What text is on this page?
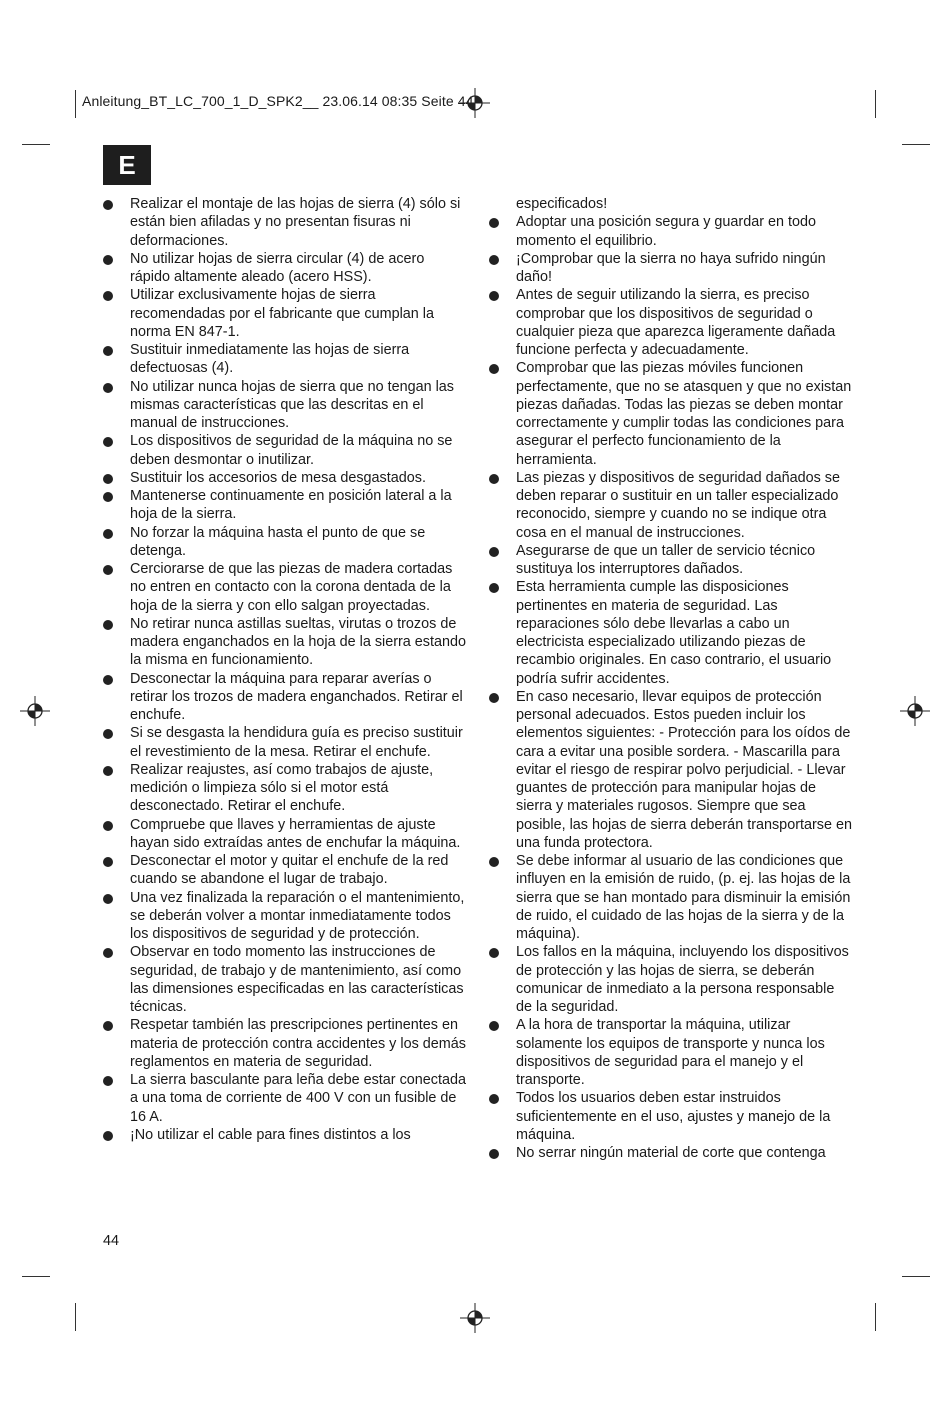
Anleitung_BT_LC_700_1_D_SPK2__ 23.06.14 08:35 Seite 44
E
Realizar el montaje de las hojas de sierra (4) sólo si están bien afiladas y no presentan fisuras ni deformaciones.
No utilizar hojas de sierra circular (4) de acero rápido altamente aleado (acero HSS).
Utilizar exclusivamente hojas de sierra recomendadas por el fabricante que cumplan la norma EN 847-1.
Sustituir inmediatamente las hojas de sierra defectuosas (4).
No utilizar nunca hojas de sierra que no tengan las mismas características que las descritas en el manual de instrucciones.
Los dispositivos de seguridad de la máquina no se deben desmontar o inutilizar.
Sustituir los accesorios de mesa desgastados.
Mantenerse continuamente en posición lateral a la hoja de la sierra.
No forzar la máquina hasta el punto de que se detenga.
Cerciorarse de que las piezas de madera cortadas no entren en contacto con la corona dentada de la hoja de la sierra y con ello salgan proyectadas.
No retirar nunca astillas sueltas, virutas o trozos de madera enganchados en la hoja de la sierra estando la misma en funcionamiento.
Desconectar la máquina para reparar averías o retirar los trozos de madera enganchados. Retirar el enchufe.
Si se desgasta la hendidura guía es preciso sustituir el revestimiento de la mesa. Retirar el enchufe.
Realizar reajustes, así como trabajos de ajuste, medición o limpieza sólo si el motor está desconectado. Retirar el enchufe.
Compruebe que llaves y herramientas de ajuste hayan sido extraídas antes de enchufar la máquina.
Desconectar el motor y quitar el enchufe de la red cuando se abandone el lugar de trabajo.
Una vez finalizada la reparación o el mantenimiento, se deberán volver a montar inmediatamente todos los dispositivos de seguridad y de protección.
Observar en todo momento las instrucciones de seguridad, de trabajo y de mantenimiento, así como las dimensiones especificadas en las características técnicas.
Respetar también las prescripciones pertinentes en materia de protección contra accidentes y los demás reglamentos en materia de seguridad.
La sierra basculante para leña debe estar conectada a una toma de corriente de 400 V con un fusible de 16 A.
¡No utilizar el cable para fines distintos a los
especificados!
Adoptar una posición segura y guardar en todo momento el equilibrio.
¡Comprobar que la sierra no haya sufrido ningún daño!
Antes de seguir utilizando la sierra, es preciso comprobar que los dispositivos de seguridad o cualquier pieza que aparezca ligeramente dañada funcione perfecta y adecuadamente.
Comprobar que las piezas móviles funcionen perfectamente, que no se atasquen y que no existan piezas dañadas. Todas las piezas se deben montar correctamente y cumplir todas las condiciones para asegurar el perfecto funcionamiento de la herramienta.
Las piezas y dispositivos de seguridad dañados se deben reparar o sustituir en un taller especializado reconocido, siempre y cuando no se indique otra cosa en el manual de instrucciones.
Asegurarse de que un taller de servicio técnico sustituya los interruptores dañados.
Esta herramienta cumple las disposiciones pertinentes en materia de seguridad. Las reparaciones sólo debe llevarlas a cabo un electricista especializado utilizando piezas de recambio originales. En caso contrario, el usuario podría sufrir accidentes.
En caso necesario, llevar equipos de protección personal adecuados. Estos pueden incluir los elementos siguientes: - Protección para los oídos de cara a evitar una posible sordera. - Mascarilla para evitar el riesgo de respirar polvo perjudicial. - Llevar guantes de protección para manipular hojas de sierra y materiales rugosos. Siempre que sea posible, las hojas de sierra deberán transportarse en una funda protectora.
Se debe informar al usuario de las condiciones que influyen en la emisión de ruido, (p. ej. las hojas de la sierra que se han montado para disminuir la emisión de ruido, el cuidado de las hojas de la sierra y de la máquina).
Los fallos en la máquina, incluyendo los dispositivos de protección y las hojas de sierra, se deberán comunicar de inmediato a la persona responsable de la seguridad.
A la hora de transportar la máquina, utilizar solamente los equipos de transporte y nunca los dispositivos de seguridad para el manejo y el transporte.
Todos los usuarios deben estar instruidos suficientemente en el uso, ajustes y manejo de la máquina.
No serrar ningún material de corte que contenga
44
